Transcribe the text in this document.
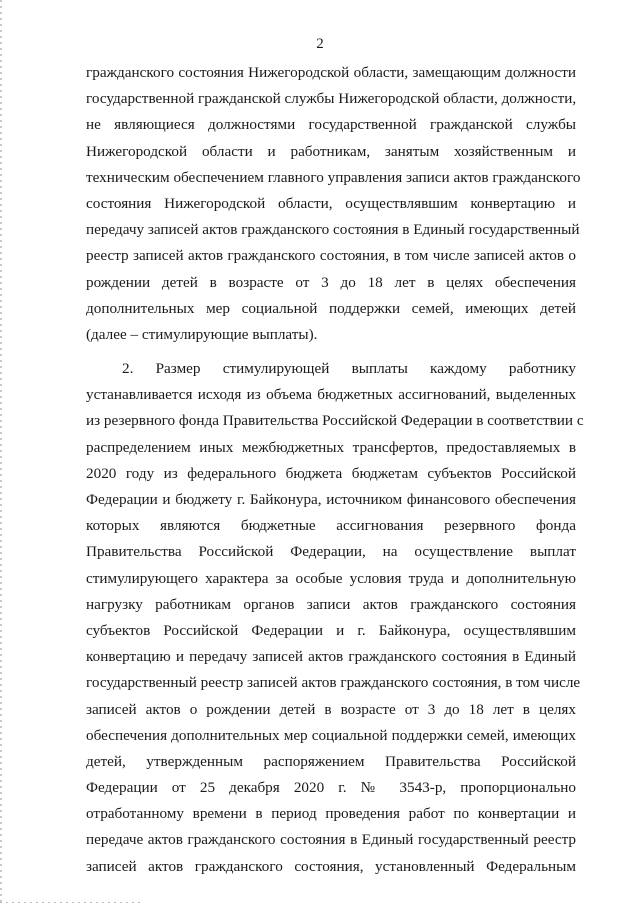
2
гражданского состояния Нижегородской области, замещающим должности
государственной гражданской службы Нижегородской области, должности,
не являющиеся должностями государственной гражданской службы
Нижегородской области и работникам, занятым хозяйственным и
техническим обеспечением главного управления записи актов гражданского
состояния Нижегородской области, осуществлявшим конвертацию и
передачу записей актов гражданского состояния в Единый государственный
реестр записей актов гражданского состояния, в том числе записей актов о
рождении детей в возрасте от 3 до 18 лет в целях обеспечения
дополнительных мер социальной поддержки семей, имеющих детей
(далее – стимулирующие выплаты).
2. Размер стимулирующей выплаты каждому работнику
устанавливается исходя из объема бюджетных ассигнований, выделенных
из резервного фонда Правительства Российской Федерации в соответствии с
распределением иных межбюджетных трансфертов, предоставляемых в
2020 году из федерального бюджета бюджетам субъектов Российской
Федерации и бюджету г. Байконура, источником финансового обеспечения
которых являются бюджетные ассигнования резервного фонда
Правительства Российской Федерации, на осуществление выплат
стимулирующего характера за особые условия труда и дополнительную
нагрузку работникам органов записи актов гражданского состояния
субъектов Российской Федерации и г. Байконура, осуществлявшим
конвертацию и передачу записей актов гражданского состояния в Единый
государственный реестр записей актов гражданского состояния, в том числе
записей актов о рождении детей в возрасте от 3 до 18 лет в целях
обеспечения дополнительных мер социальной поддержки семей, имеющих
детей, утвержденным распоряжением Правительства Российской
Федерации от 25 декабря 2020 г. № 3543-р, пропорционально
отработанному времени в период проведения работ по конвертации и
передаче актов гражданского состояния в Единый государственный реестр
записей актов гражданского состояния, установленный Федеральным
